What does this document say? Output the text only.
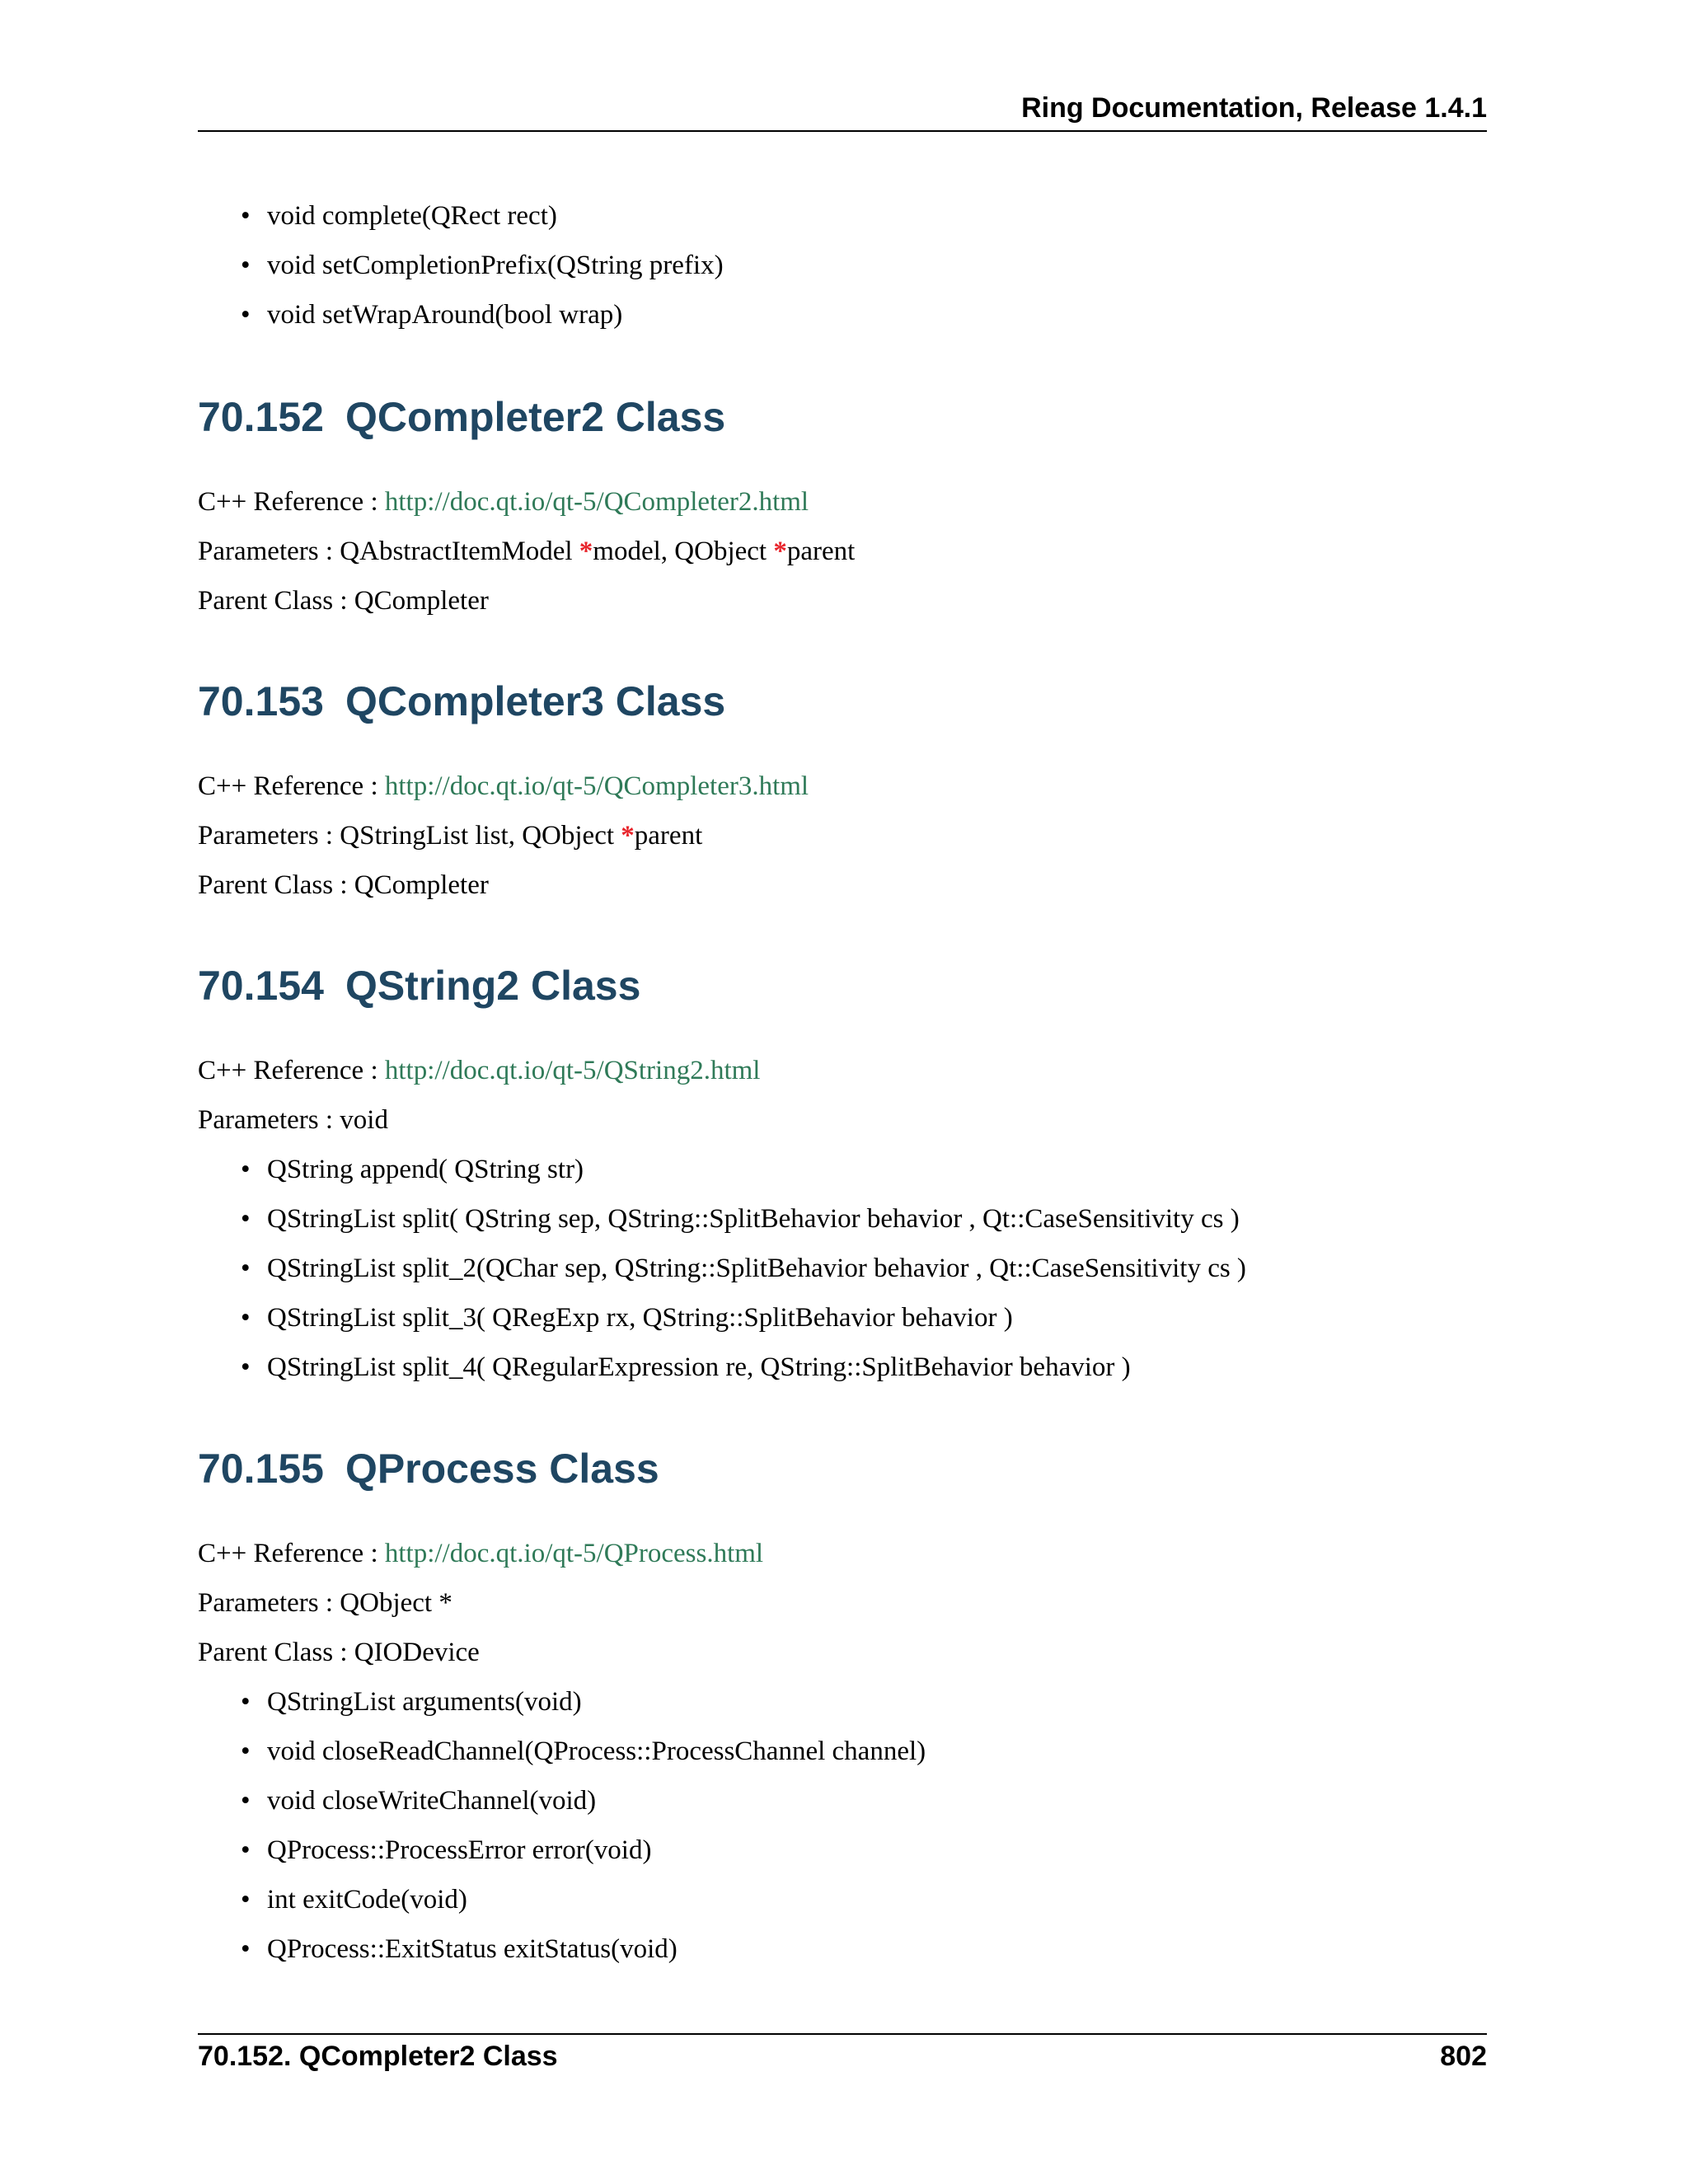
Ring Documentation, Release 1.4.1
• void complete(QRect rect)
• void setCompletionPrefix(QString prefix)
• void setWrapAround(bool wrap)
70.152 QCompleter2 Class

C++ Reference : http://doc.qt.io/qt-5/QCompleter2.html

Parameters : QAbstractItemModel *model, QObject *parent

Parent Class : QCompleter

70.153 QCompleter3 Class

C++ Reference : http://doc.qt.io/qt-5/QCompleter3.html

Parameters : QStringList list, QObject *parent

Parent Class : QCompleter

70.154 QString2 Class

C++ Reference : http://doc.qt.io/qt-5/QString2.html

Parameters : void

• QString append( QString str)
• QStringList split( QString sep, QString::SplitBehavior behavior , Qt::CaseSensitivity cs )
• QStringList split_2(QChar sep, QString::SplitBehavior behavior , Qt::CaseSensitivity cs )
• QStringList split_3( QRegExp rx, QString::SplitBehavior behavior )
• QStringList split_4( QRegularExpression re, QString::SplitBehavior behavior )
70.155 QProcess Class

C++ Reference : http://doc.qt.io/qt-5/QProcess.html

Parameters : QObject *

Parent Class : QIODevice

• QStringList arguments(void)
• void closeReadChannel(QProcess::ProcessChannel channel)
• void closeWriteChannel(void)
• QProcess::ProcessError error(void)
• int exitCode(void)
• QProcess::ExitStatus exitStatus(void)
70.152. QCompleter2 Class	802
